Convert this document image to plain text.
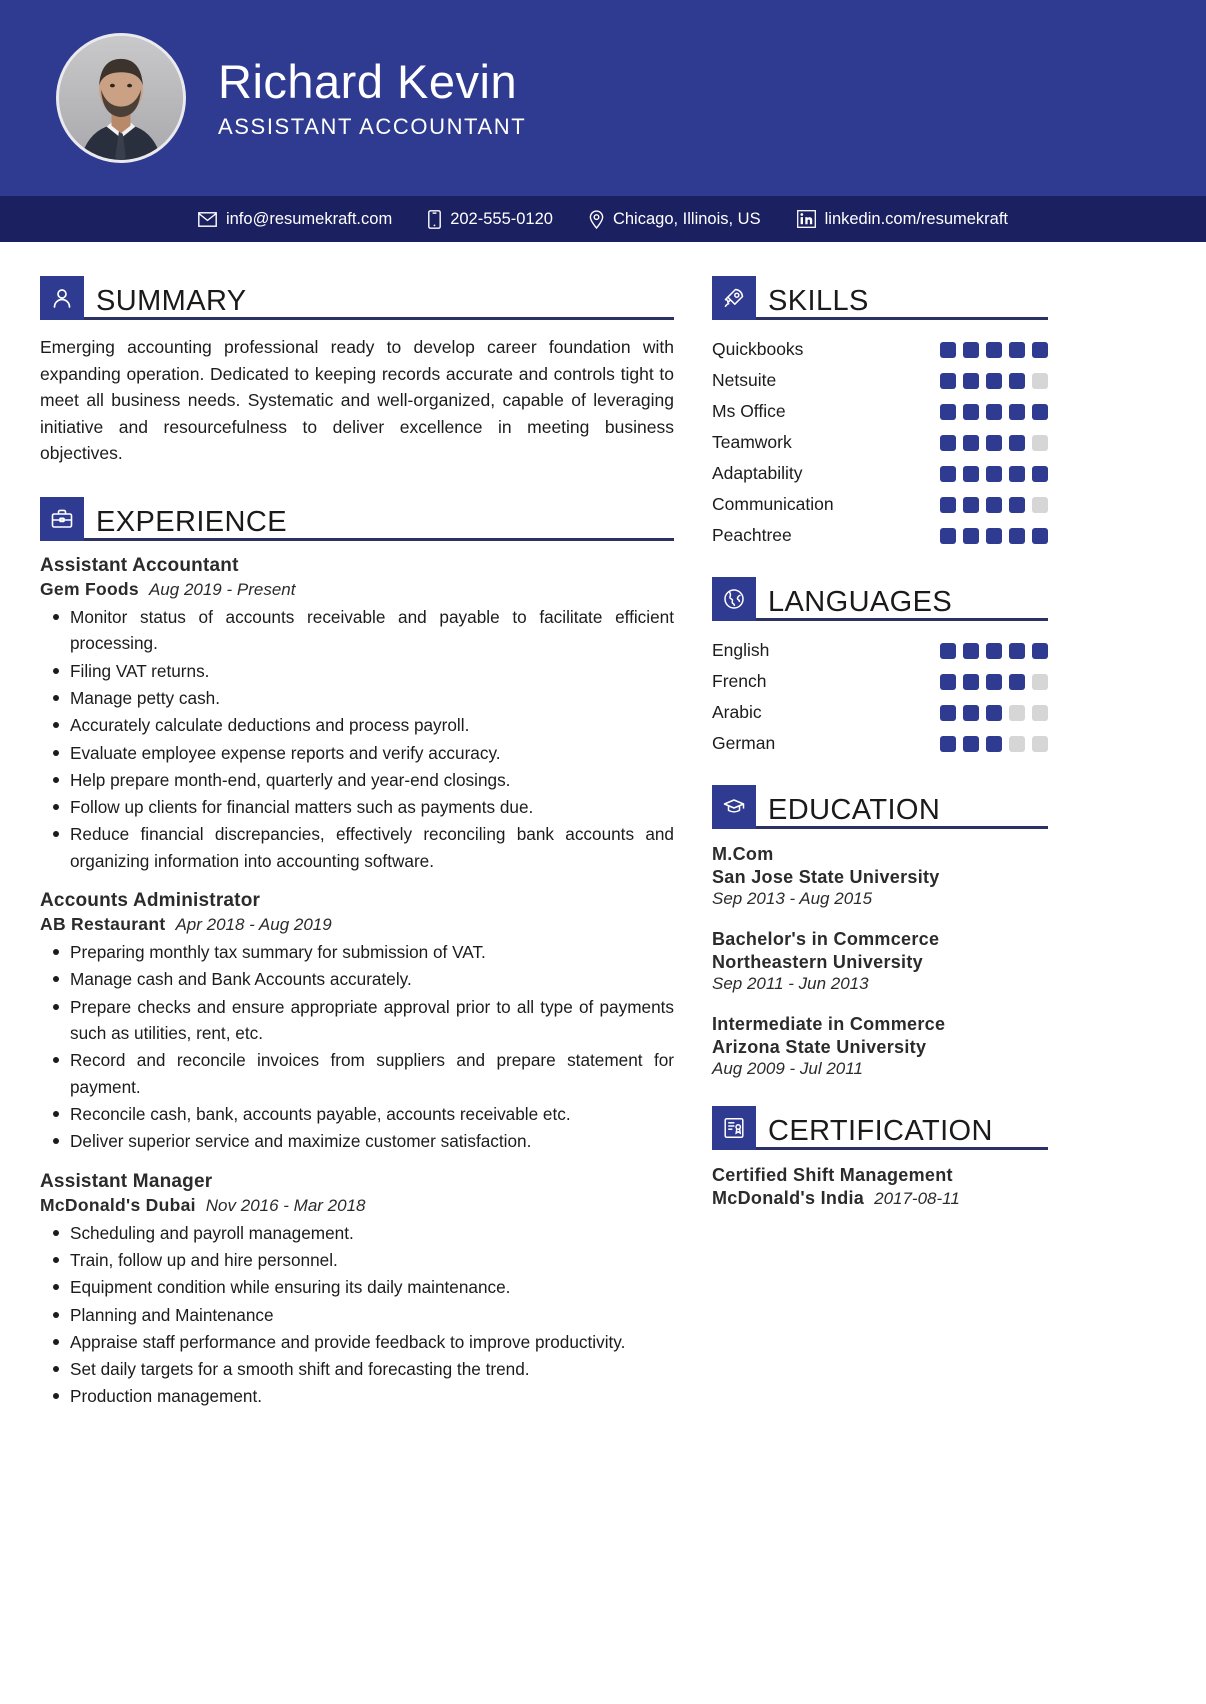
Richard Kevin
ASSISTANT ACCOUNTANT
info@resumekraft.com	202-555-0120	Chicago, Illinois, US	linkedin.com/resumekraft
SUMMARY

Emerging accounting professional ready to develop career foundation with expanding operation. Dedicated to keeping records accurate and controls tight to meet all business needs. Systematic and well-organized, capable of leveraging initiative and resourcefulness to deliver excellence in meeting business objectives.

EXPERIENCE
Assistant Accountant
Gem Foods Aug 2019 - Present
Monitor status of accounts receivable and payable to facilitate efficient processing.
Filing VAT returns.
Manage petty cash.
Accurately calculate deductions and process payroll.
Evaluate employee expense reports and verify accuracy.
Help prepare month-end, quarterly and year-end closings.
Follow up clients for financial matters such as payments due.
Reduce financial discrepancies, effectively reconciling bank accounts and organizing information into accounting software.
Accounts Administrator
AB Restaurant Apr 2018 - Aug 2019
Preparing monthly tax summary for submission of VAT.
Manage cash and Bank Accounts accurately.
Prepare checks and ensure appropriate approval prior to all type of payments such as utilities, rent, etc.
Record and reconcile invoices from suppliers and prepare statement for payment.
Reconcile cash, bank, accounts payable, accounts receivable etc.
Deliver superior service and maximize customer satisfaction.
Assistant Manager
McDonald's Dubai Nov 2016 - Mar 2018
Scheduling and payroll management.
Train, follow up and hire personnel.
Equipment condition while ensuring its daily maintenance.
Planning and Maintenance
Appraise staff performance and provide feedback to improve productivity.
Set daily targets for a smooth shift and forecasting the trend.
Production management.
SKILLS
Quickbooks
Netsuite
Ms Office
Teamwork
Adaptability
Communication
Peachtree
LANGUAGES
English
French
Arabic
German
EDUCATION
M.Com
San Jose State University
Sep 2013 - Aug 2015
Bachelor's in Commcerce
Northeastern University
Sep 2011 - Jun 2013
Intermediate in Commerce
Arizona State University
Aug 2009 - Jul 2011
CERTIFICATION
Certified Shift Management
McDonald's India 2017-08-11
